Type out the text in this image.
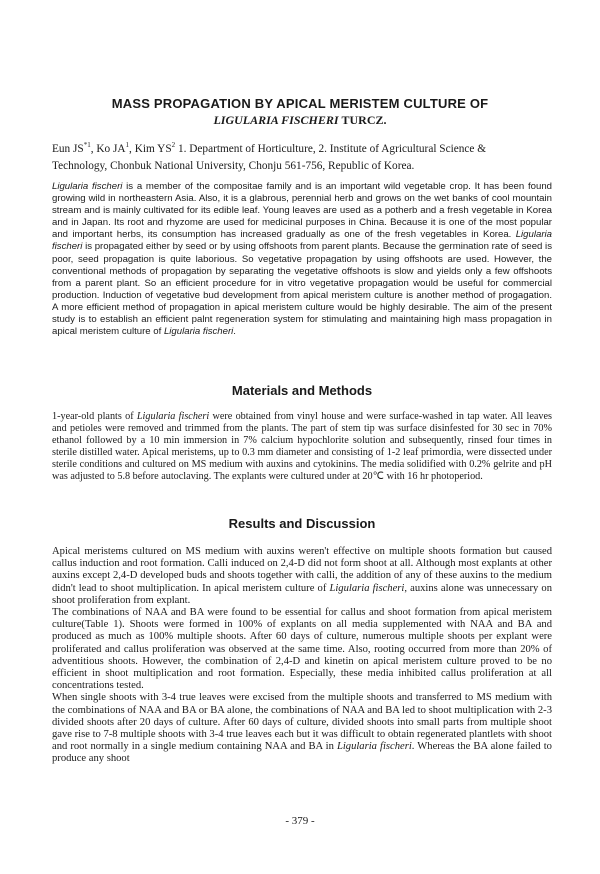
MASS PROPAGATION BY APICAL MERISTEM CULTURE OF
LIGULARIA FISCHERI TURCZ.
Eun JS$^{*1}$, Ko $JA^1$, Kim $YS^2$ 1. Department of Horticulture, 2. Institute of Agricultural Science &
Technology, Chonbuk National University, Chonju 561-756, Republic of Korea.
Ligularia fischeri is a member of the compositae family and is an important wild vegetable crop. It has been found growing wild in northeastern Asia. Also, it is a glabrous, perennial herb and grows on the wet banks of cool mountain stream and is mainly cultivated for its edible leaf. Young leaves are used as a potherb and a fresh vegetable in Korea and in Japan. Its root and rhyzome are used for medicinal purposes in China. Because it is one of the most popular and important herbs, its consumption has increased gradually as one of the fresh vegetables in Korea. Ligularia fischeri is propagated either by seed or by using offshoots from parent plants. Because the germination rate of seed is poor, seed propagation is quite laborious. So vegetative propagation by using offshoots are used. However, the conventional methods of propagation by separating the vegetative offshoots is slow and yields only a few offshoots from a parent plant. So an efficient procedure for in vitro vegetative propagation would be useful for commercial production. Induction of vegetative bud development from apical meristem culture is another method of progagation. A more efficient method of propagation in apical meristem culture would be highly desirable. The aim of the present study is to establish an efficient palnt regeneration system for stimulating and maintaining high mass propagation in apical meristem culture of Ligularia fischeri.
Materials and Methods
1-year-old plants of Ligularia fischeri were obtained from vinyl house and were surface-washed in tap water. All leaves and petioles were removed and trimmed from the plants. The part of stem tip was surface disinfested for 30 sec in 70% ethanol followed by a 10 min immersion in 7% calcium hypochlorite solution and subsequently, rinsed four times in sterile distilled water. Apical meristems, up to 0.3 mm diameter and consisting of 1-2 leaf primordia, were dissected under sterile conditions and cultured on MS medium with auxins and cytokinins. The media solidified with 0.2% gelrite and pH was adjusted to 5.8 before autoclaving. The explants were cultured under at 20℃ with 16 hr photoperiod.
Results and Discussion
Apical meristems cultured on MS medium with auxins weren't effective on multiple shoots formation but caused callus induction and root formation. Calli induced on 2,4-D did not form shoot at all. Although most explants at other auxins except 2,4-D developed buds and shoots together with calli, the addition of any of these auxins to the medium didn't lead to shoot multiplication. In apical meristem culture of Ligularia fischeri, auxins alone was unnecessary on shoot proliferation from explant.
The combinations of NAA and BA were found to be essential for callus and shoot formation from apical meristem culture(Table 1). Shoots were formed in 100% of explants on all media supplemented with NAA and BA and produced as much as 100% multiple shoots. After 60 days of culture, numerous multiple shoots per explant were proliferated and callus proliferation was observed at the same time. Also, rooting occurred from more than 20% of adventitious shoots. However, the combination of 2,4-D and kinetin on apical meristem culture proved to be no efficient in shoot multiplication and root formation. Especially, these media inhibited callus proliferation at all concentrations tested.
When single shoots with 3-4 true leaves were excised from the multiple shoots and transferred to MS medium with the combinations of NAA and BA or BA alone, the combinations of NAA and BA led to shoot multiplication with 2-3 divided shoots after 20 days of culture. After 60 days of culture, divided shoots into small parts from multiple shoot gave rise to 7-8 multiple shoots with 3-4 true leaves each but it was difficult to obtain regenerated plantlets with shoot and root normally in a single medium containing NAA and BA in Ligularia fischeri. Whereas the BA alone failed to produce any shoot
- 379 -
